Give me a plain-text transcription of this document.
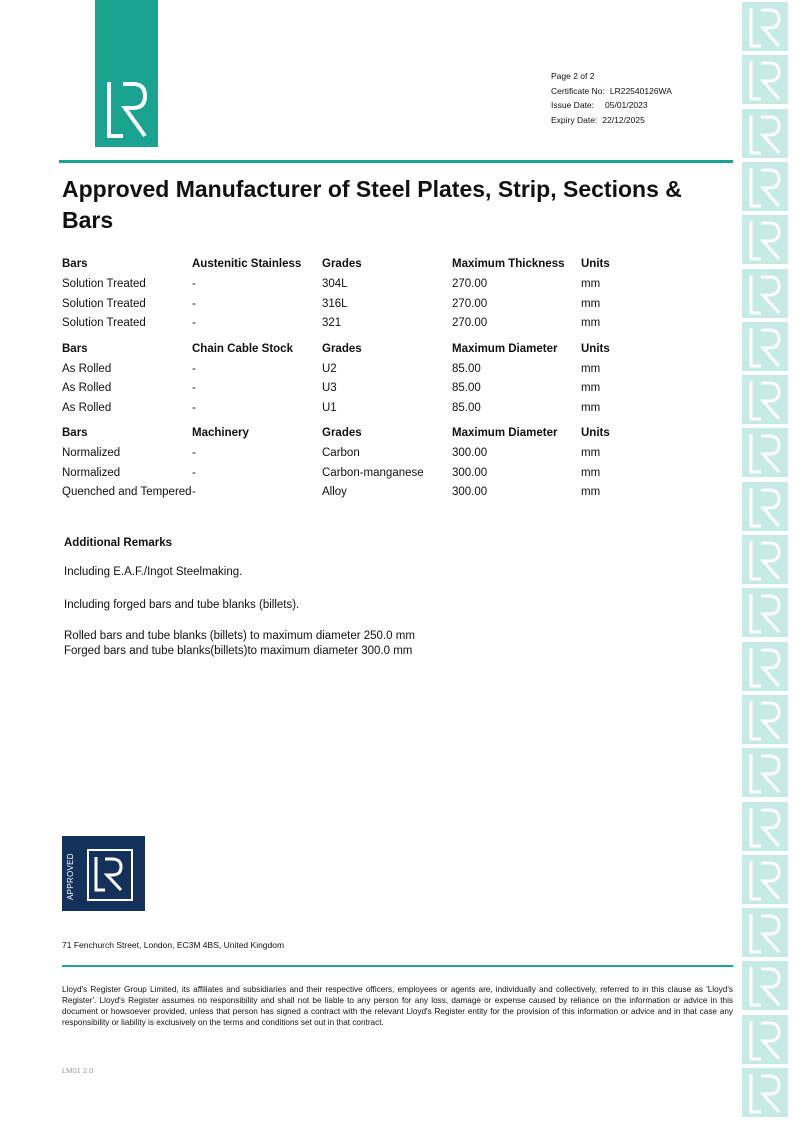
Page 2 of 2
Certificate No: LR22540126WA
Issue Date: 05/01/2023
Expiry Date: 22/12/2025
Approved Manufacturer of Steel Plates, Strip, Sections & Bars
Bars	Austenitic Stainless	Grades	Maximum Thickness	Units
Solution Treated	-	304L	270.00	mm
Solution Treated	-	316L	270.00	mm
Solution Treated	-	321	270.00	mm
Bars	Chain Cable Stock	Grades	Maximum Diameter	Units
As Rolled	-	U2	85.00	mm
As Rolled	-	U3	85.00	mm
As Rolled	-	U1	85.00	mm
Bars	Machinery	Grades	Maximum Diameter	Units
Normalized	-	Carbon	300.00	mm
Normalized	-	Carbon-manganese	300.00	mm
Quenched and Tempered	-	Alloy	300.00	mm
Additional Remarks
Including E.A.F./Ingot Steelmaking.
Including forged bars and tube blanks (billets).
Rolled bars and tube blanks (billets) to maximum diameter 250.0 mm
Forged bars and tube blanks(billets)to maximum diameter 300.0 mm
APPROVED
71 Fenchurch Street, London, EC3M 4BS, United Kingdom
Lloyd's Register Group Limited, its affiliates and subsidiaries and their respective officers, employees or agents are, individually and collectively, referred to in this clause as 'Lloyd's Register'. Lloyd's Register assumes no responsibility and shall not be liable to any person for any loss, damage or expense caused by reliance on the information or advice in this document or howsoever provided, unless that person has signed a contract with the relevant Lloyd's Register entity for the provision of this information or advice and in that case any responsibility or liability is exclusively on the terms and conditions set out in that contract.
LM01 2.0
